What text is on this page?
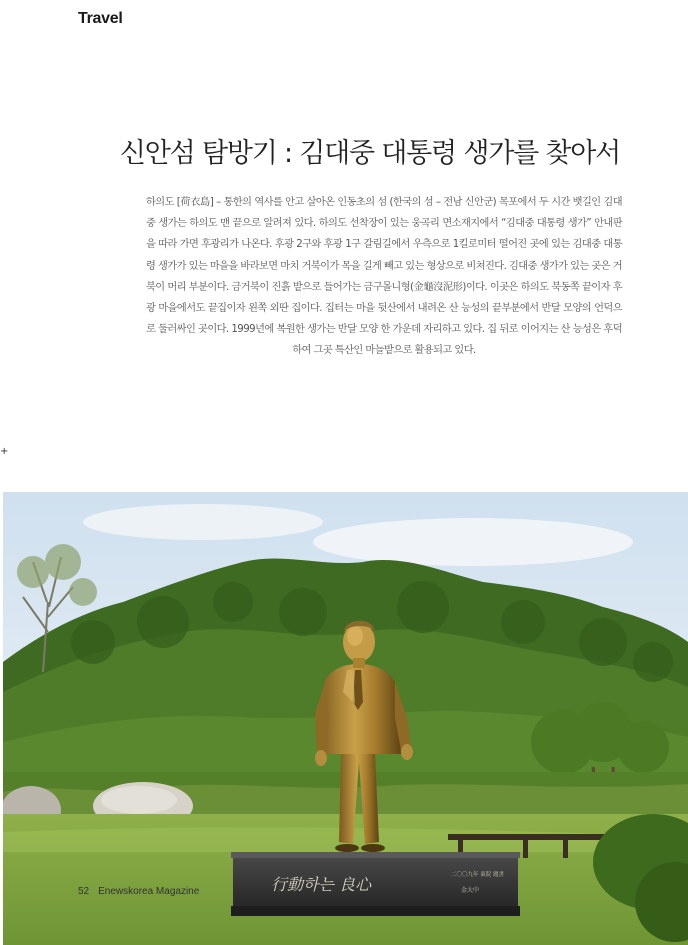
Travel
신안섬 탐방기 : 김대중 대통령 생가를 찾아서

하의도 [荷衣島] – 통한의 역사를 안고 살아온 인동초의 섬 (한국의 섬 – 전남 신안군) 목포에서 두 시간 뱃길인 김대중 생가는 하의도 맨 끝으로 알려져 있다. 하의도 선착장이 있는 웅곡리 면소재지에서 “김대중 대통령 생가” 안내판을 따라 가면 후광리가 나온다. 후광 2구와 후광 1구 갈림길에서 우측으로 1킬로미터 떨어진 곳에 있는 김대중 대통령 생가가 있는 마을을 바라보면 마치 거북이가 목을 길게 빼고 있는 형상으로 비쳐진다. 김대중 생가가 있는 곳은 거북이 머리 부분이다. 금거북이 진흙 밭으로 들어가는 금구몰니형(金龜沒泥形)이다. 이곳은 하의도 북동쪽 끝이자 후광 마을에서도 끝집이자 왼쪽 외딴 집이다. 집터는 마을 뒷산에서 내려온 산 능성의 끝부분에서 반달 모양의 언덕으로 둘러싸인 곳이다. 1999년에 복원한 생가는 반달 모양 한 가운데 자리하고 있다. 집 뒤로 이어지는 산 능성은 후덕하여 그곳 특산인 마늘밭으로 활용되고 있다.

+
行動하는 良心	二〇〇九年 東院 題書
金大中
52 Enewskorea Magazine
